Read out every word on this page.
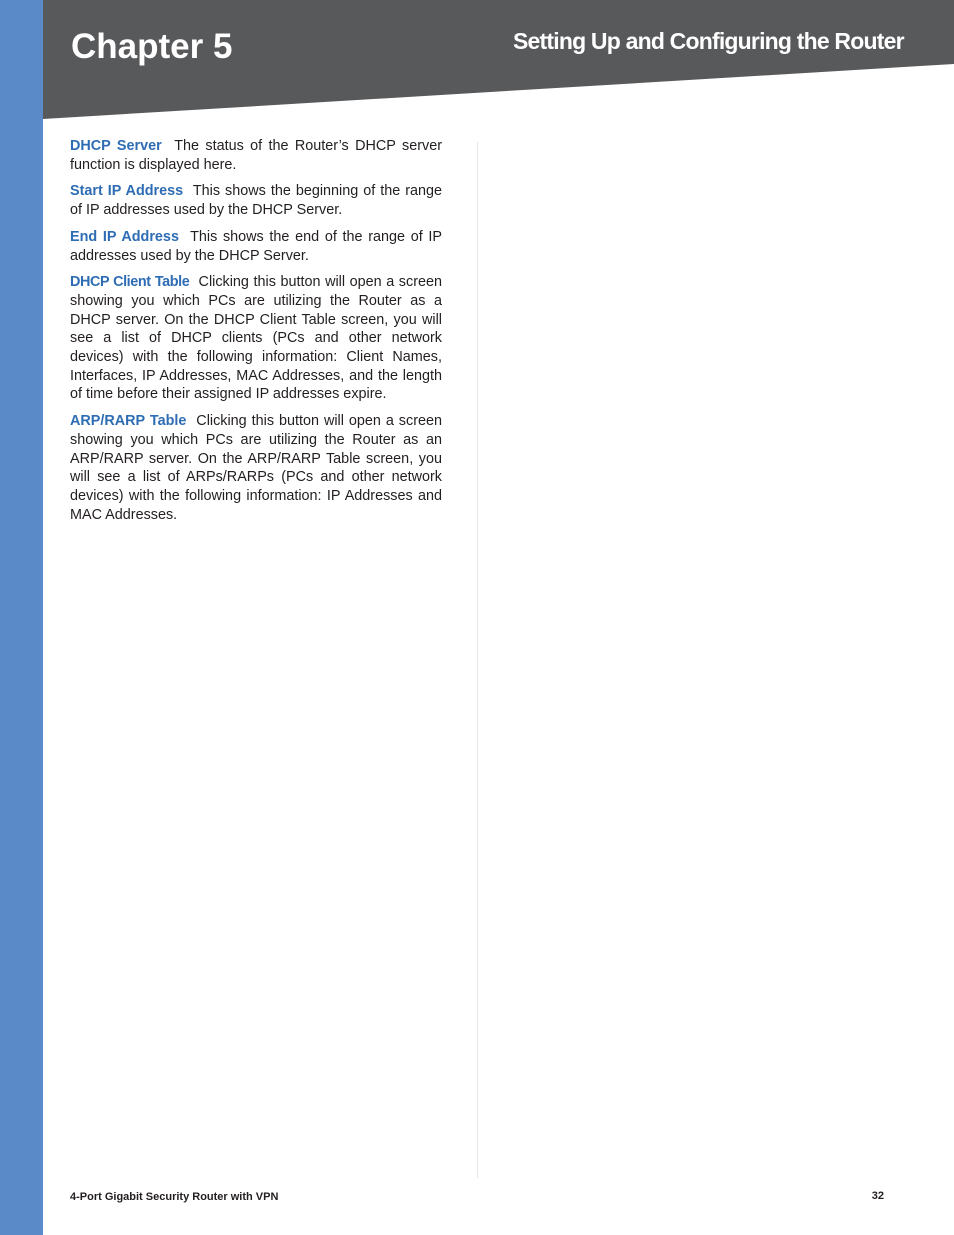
Chapter 5	Setting Up and Configuring the Router

DHCP Server The status of the Router’s DHCP server function is displayed here.

Start IP Address This shows the beginning of the range of IP addresses used by the DHCP Server.

End IP Address This shows the end of the range of IP addresses used by the DHCP Server.

DHCP Client Table Clicking this button will open a screen showing you which PCs are utilizing the Router as a DHCP server. On the DHCP Client Table screen, you will see a list of DHCP clients (PCs and other network devices) with the following information: Client Names, Interfaces, IP Addresses, MAC Addresses, and the length of time before their assigned IP addresses expire.

ARP/RARP Table Clicking this button will open a screen showing you which PCs are utilizing the Router as an ARP/RARP server. On the ARP/RARP Table screen, you will see a list of ARPs/RARPs (PCs and other network devices) with the following information: IP Addresses and MAC Addresses.

4-Port Gigabit Security Router with VPN	32
